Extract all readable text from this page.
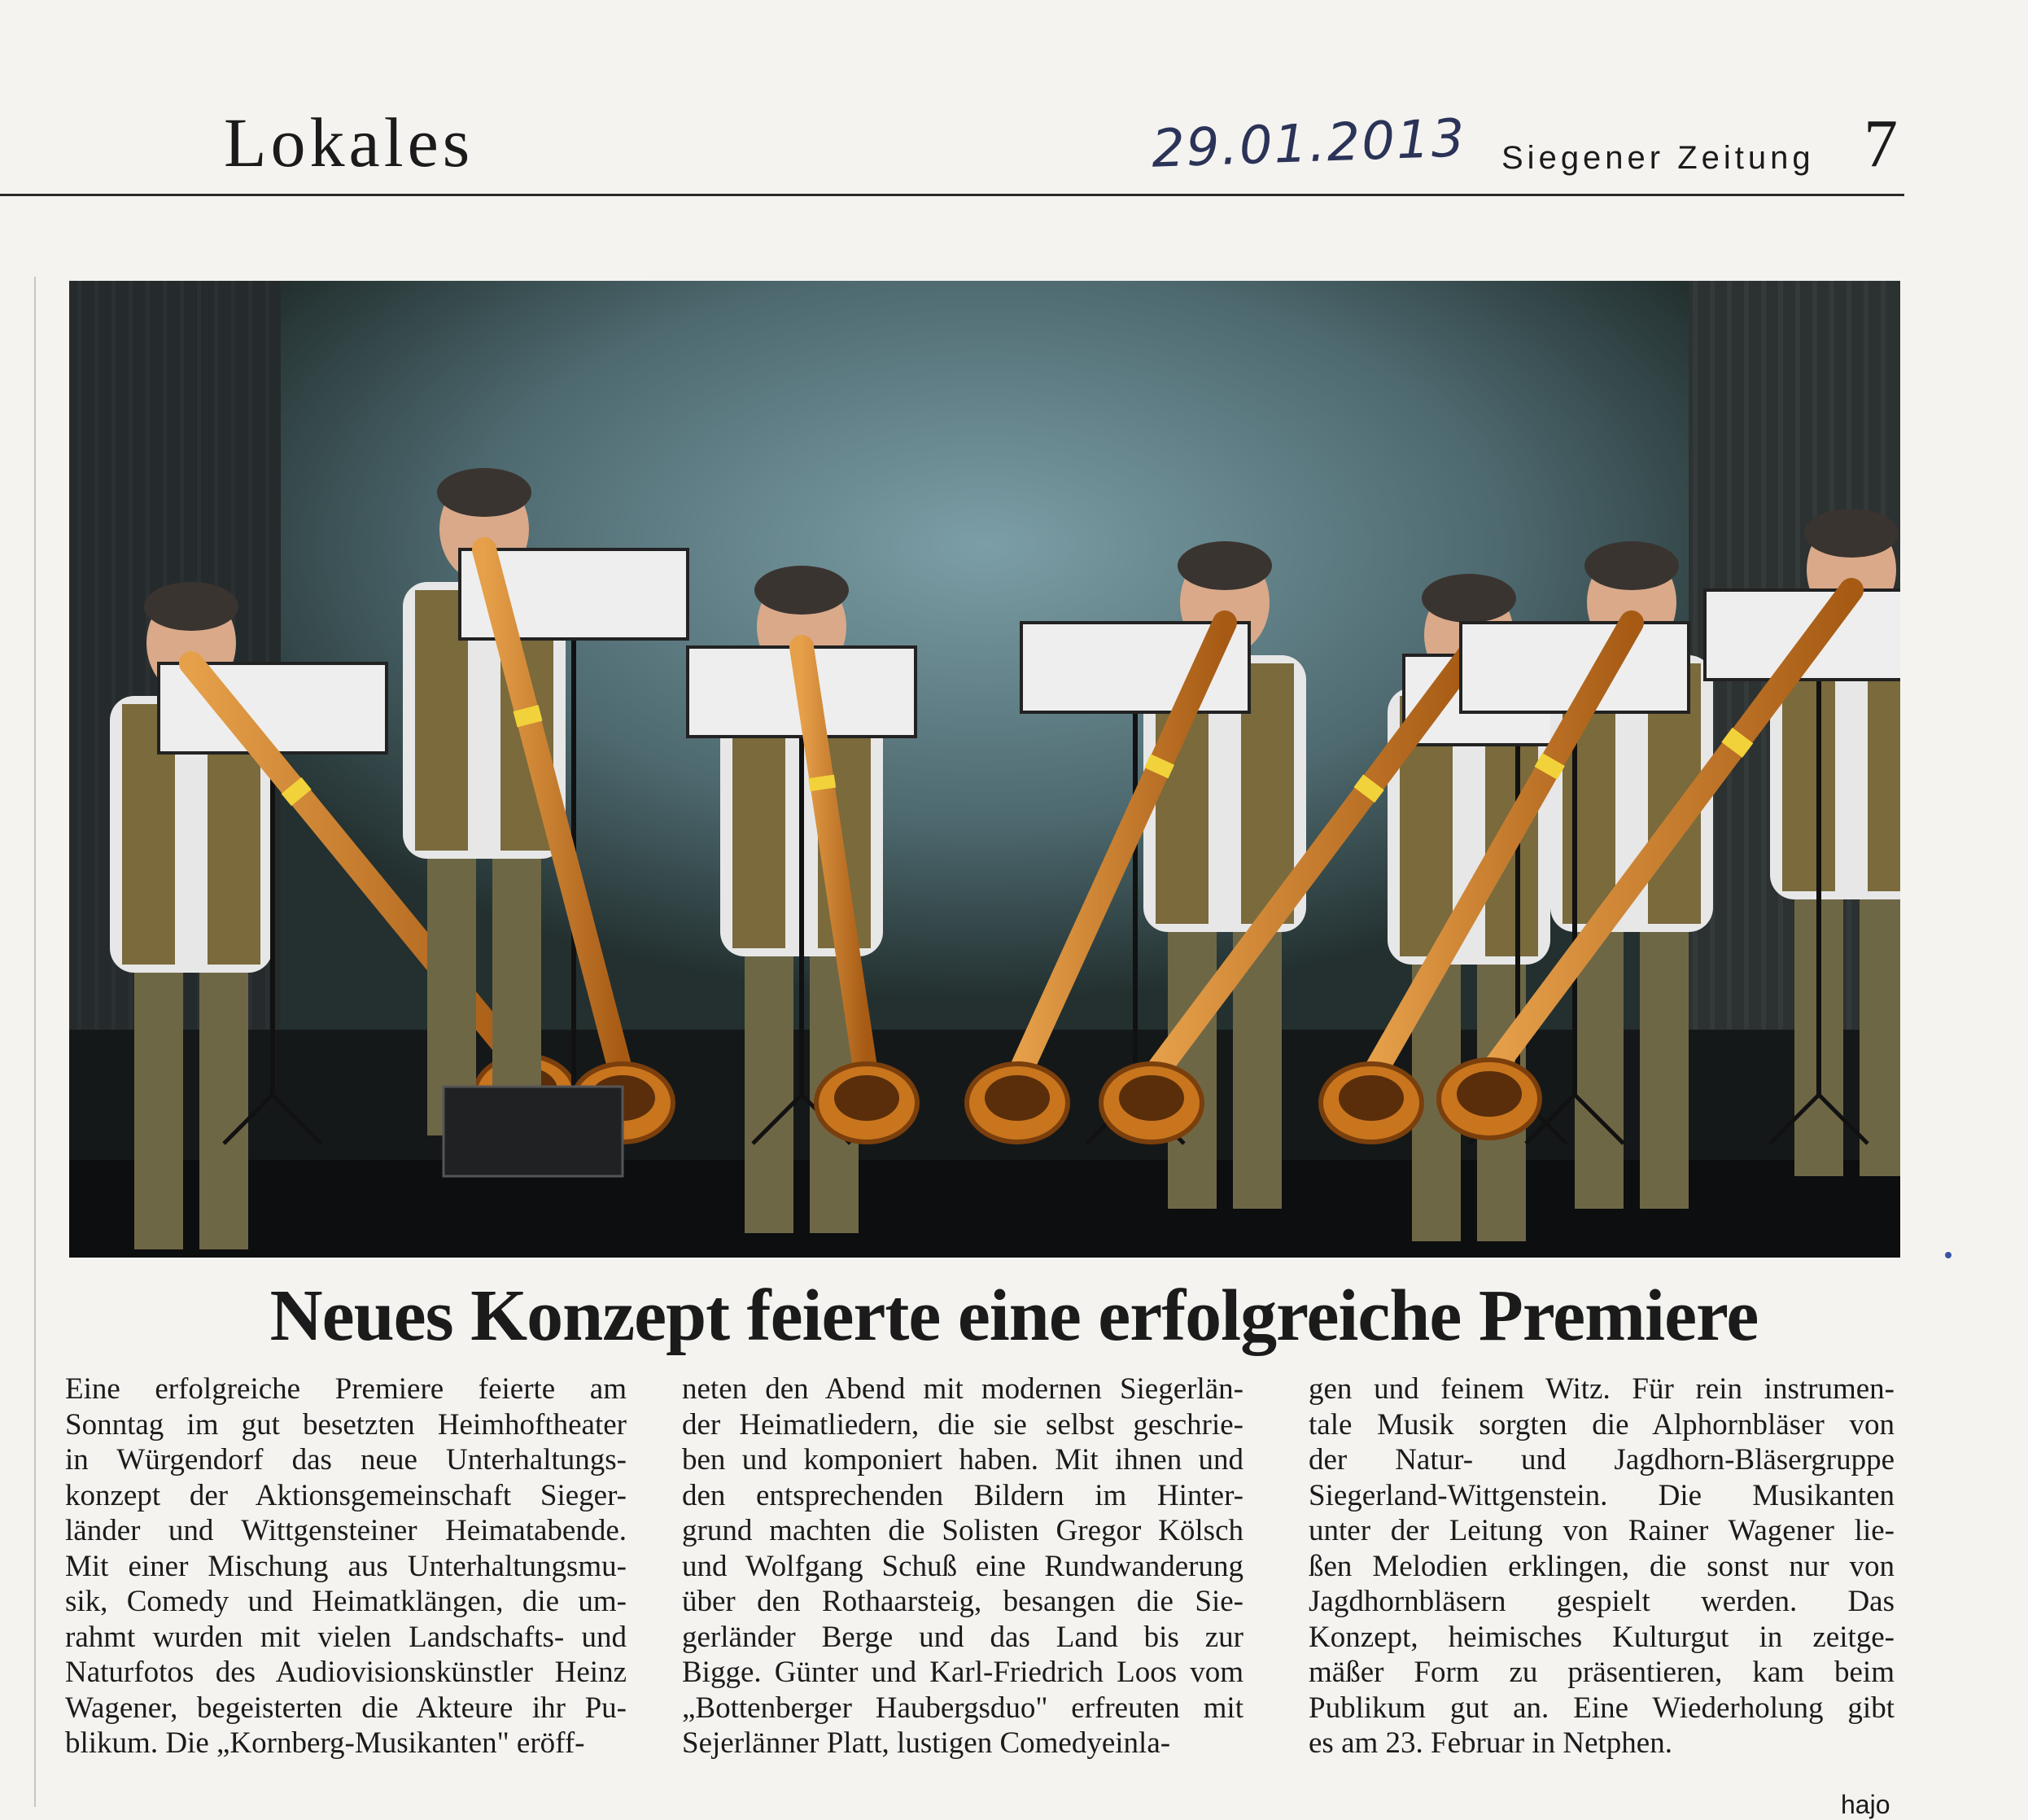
Lokales	29.01.2013 Siegener Zeitung 7
Neues Konzept feierte eine erfolgreiche Premiere
Eine erfolgreiche Premiere feierte am
Sonntag im gut besetzten Heimhoftheater
in Würgendorf das neue Unterhaltungs-
konzept der Aktionsgemeinschaft Sieger-
länder und Wittgensteiner Heimatabende.
Mit einer Mischung aus Unterhaltungsmu-
sik, Comedy und Heimatklängen, die um-
rahmt wurden mit vielen Landschafts- und
Naturfotos des Audiovisionskünstler Heinz
Wagener, begeisterten die Akteure ihr Pu-
blikum. Die „Kornberg-Musikanten" eröff-
neten den Abend mit modernen Siegerlän-
der Heimatliedern, die sie selbst geschrie-
ben und komponiert haben. Mit ihnen und
den entsprechenden Bildern im Hinter-
grund machten die Solisten Gregor Kölsch
und Wolfgang Schuß eine Rundwanderung
über den Rothaarsteig, besangen die Sie-
gerländer Berge und das Land bis zur
Bigge. Günter und Karl-Friedrich Loos vom
„Bottenberger Haubergsduo" erfreuten mit
Sejerlänner Platt, lustigen Comedyeinla-
gen und feinem Witz. Für rein instrumen-
tale Musik sorgten die Alphornbläser von
der Natur- und Jagdhorn-Bläsergruppe
Siegerland-Wittgenstein. Die Musikanten
unter der Leitung von Rainer Wagener lie-
ßen Melodien erklingen, die sonst nur von
Jagdhornbläsern gespielt werden. Das
Konzept, heimisches Kulturgut in zeitge-
mäßer Form zu präsentieren, kam beim
Publikum gut an. Eine Wiederholung gibt
es am 23. Februar in Netphen.
hajo
